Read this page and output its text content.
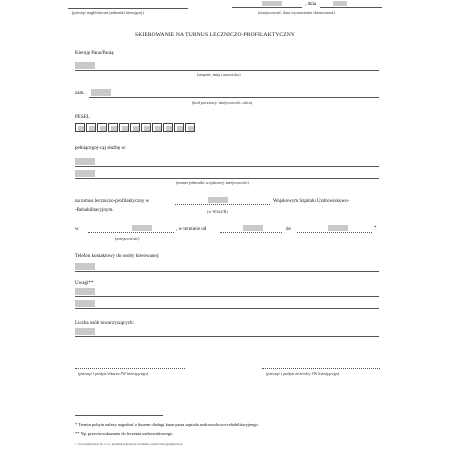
(pieczęć nagłówkowa jednostki kierującej)
, dnia
(miejscowość, data wystawienia skierowania)
SKIEROWANIE NA TURNUS LECZNICZO-PROFILAKTYCZNY
Kieruję Pana/Panią
(stopień, imię i nazwisko)
zam.
(kod pocztowy, miejscowość, ulica)
PESEL
pełniącego(-cą) służbę w:
(numer jednostki wojskowej, miejscowość)
na turnus leczniczo-profilaktyczny w	Wojskowym Szpitalu Uzdrowiskowo-
-Rehabilitacyjnym.	(w WSzUR)
w	, w terminie od	do	*
(miejscowość)
Telefon kontaktowy do osoby kierowanej:
Uwagi**
Liczba osób towarzyszących:
(pieczęć i podpis lekarza JW kierującego)	(pieczęć i podpis dowódcy JW kierującego)
* Termin pobytu należy uzgodnić z biurem obsługi kuracjusza szpitala uzdrowiskowo-rehabilitacyjnego.
** Np. przeciwwskazania do leczenia uzdrowiskowego.
© www.signform.pl Sp. z o.o. przedruk bezprawny, formularz e-mail: biuro@signform.pl
